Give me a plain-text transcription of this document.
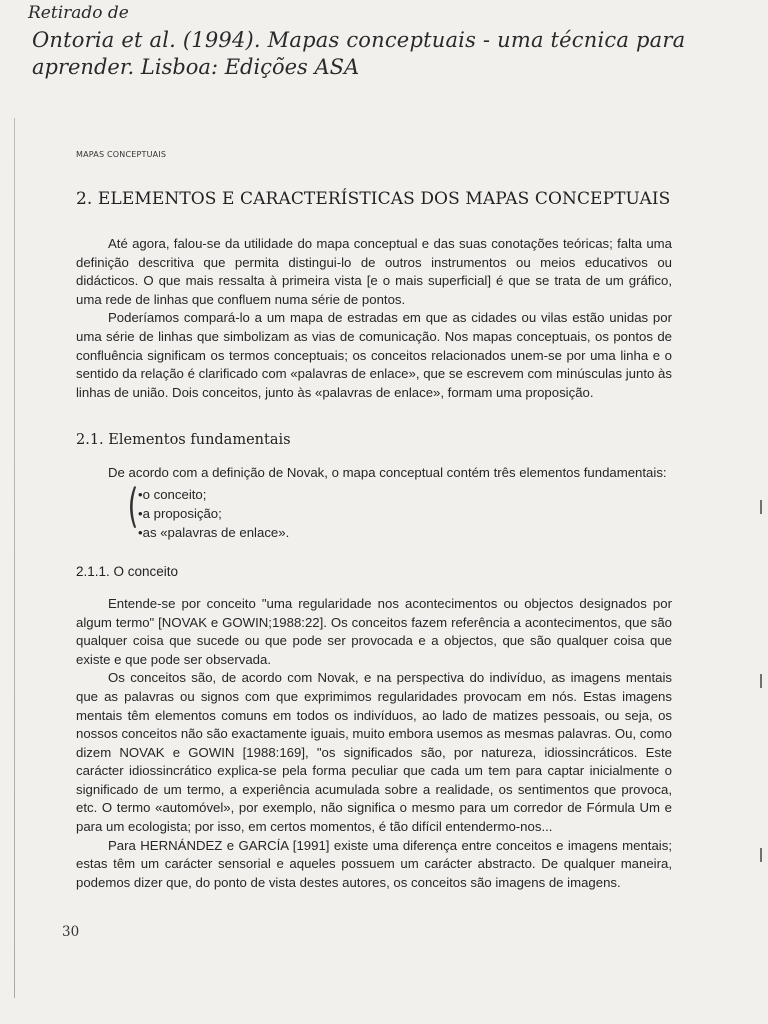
Retirado de
Ontoria et al. (1994). Mapas conceptuais - uma técnica para
aprender. Lisboa: Edições ASA
MAPAS CONCEPTUAIS
2. ELEMENTOS E CARACTERÍSTICAS DOS MAPAS CONCEPTUAIS

Até agora, falou-se da utilidade do mapa conceptual e das suas conotações teóricas; falta uma definição descritiva que permita distingui-lo de outros instrumentos ou meios educativos ou didácticos. O que mais ressalta à primeira vista [e o mais superficial] é que se trata de um gráfico, uma rede de linhas que confluem numa série de pontos.

Poderíamos compará-lo a um mapa de estradas em que as cidades ou vilas estão unidas por uma série de linhas que simbolizam as vias de comunicação. Nos mapas conceptuais, os pontos de confluência significam os termos conceptuais; os conceitos relacionados unem-se por uma linha e o sentido da relação é clarificado com «palavras de enlace», que se escrevem com minúsculas junto às linhas de união. Dois conceitos, junto às «palavras de enlace», formam uma proposição.

2.1. Elementos fundamentais

De acordo com a definição de Novak, o mapa conceptual contém três elementos fundamentais:

(
• o conceito;
• a proposição;
• as «palavras de enlace».
2.1.1. O conceito

Entende-se por conceito "uma regularidade nos acontecimentos ou objectos designados por algum termo" [NOVAK e GOWIN;1988:22]. Os conceitos fazem referência a acontecimentos, que são qualquer coisa que sucede ou que pode ser provocada e a objectos, que são qualquer coisa que existe e que pode ser observada.

Os conceitos são, de acordo com Novak, e na perspectiva do indivíduo, as imagens mentais que as palavras ou signos com que exprimimos regularidades provocam em nós. Estas imagens mentais têm elementos comuns em todos os indivíduos, ao lado de matizes pessoais, ou seja, os nossos conceitos não são exactamente iguais, muito embora usemos as mesmas palavras. Ou, como dizem NOVAK e GOWIN [1988:169], "os significados são, por natureza, idiossincráticos. Este carácter idiossincrático explica-se pela forma peculiar que cada um tem para captar inicialmente o significado de um termo, a experiência acumulada sobre a realidade, os sentimentos que provoca, etc. O termo «automóvel», por exemplo, não significa o mesmo para um corredor de Fórmula Um e para um ecologista; por isso, em certos momentos, é tão difícil entendermo-nos...

Para HERNÁNDEZ e GARCÍA [1991] existe uma diferença entre conceitos e imagens mentais; estas têm um carácter sensorial e aqueles possuem um carácter abstracto. De qualquer maneira, podemos dizer que, do ponto de vista destes autores, os conceitos são imagens de imagens.

30
